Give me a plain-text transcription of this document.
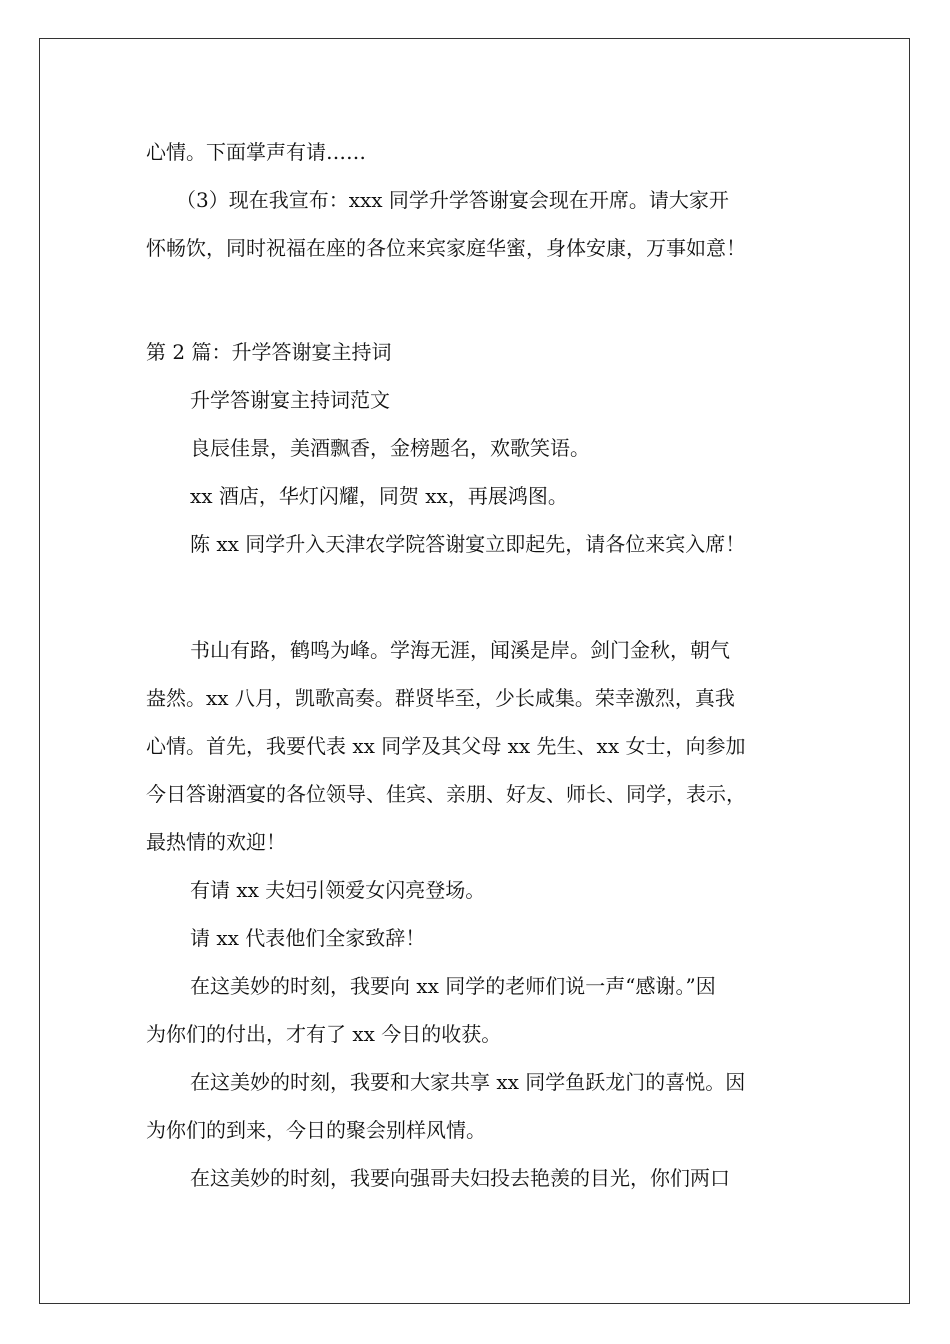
心情。下面掌声有请……
（3）现在我宣布：xxx 同学升学答谢宴会现在开席。请大家开
怀畅饮，同时祝福在座的各位来宾家庭华蜜，身体安康，万事如意！
第 2 篇：升学答谢宴主持词
升学答谢宴主持词范文
良辰佳景，美酒飘香，金榜题名，欢歌笑语。
xx 酒店，华灯闪耀，同贺 xx，再展鸿图。
陈 xx 同学升入天津农学院答谢宴立即起先，请各位来宾入席！
书山有路，鹤鸣为峰。学海无涯，闻溪是岸。剑门金秋，朝气
盎然。xx 八月，凯歌高奏。群贤毕至，少长咸集。荣幸激烈，真我
心情。首先，我要代表 xx 同学及其父母 xx 先生、xx 女士，向参加
今日答谢酒宴的各位领导、佳宾、亲朋、好友、师长、同学，表示，
最热情的欢迎！
有请 xx 夫妇引领爱女闪亮登场。
请 xx 代表他们全家致辞！
在这美妙的时刻，我要向 xx 同学的老师们说一声“感谢。”因
为你们的付出，才有了 xx 今日的收获。
在这美妙的时刻，我要和大家共享 xx 同学鱼跃龙门的喜悦。因
为你们的到来，今日的聚会别样风情。
在这美妙的时刻，我要向强哥夫妇投去艳羡的目光，你们两口
